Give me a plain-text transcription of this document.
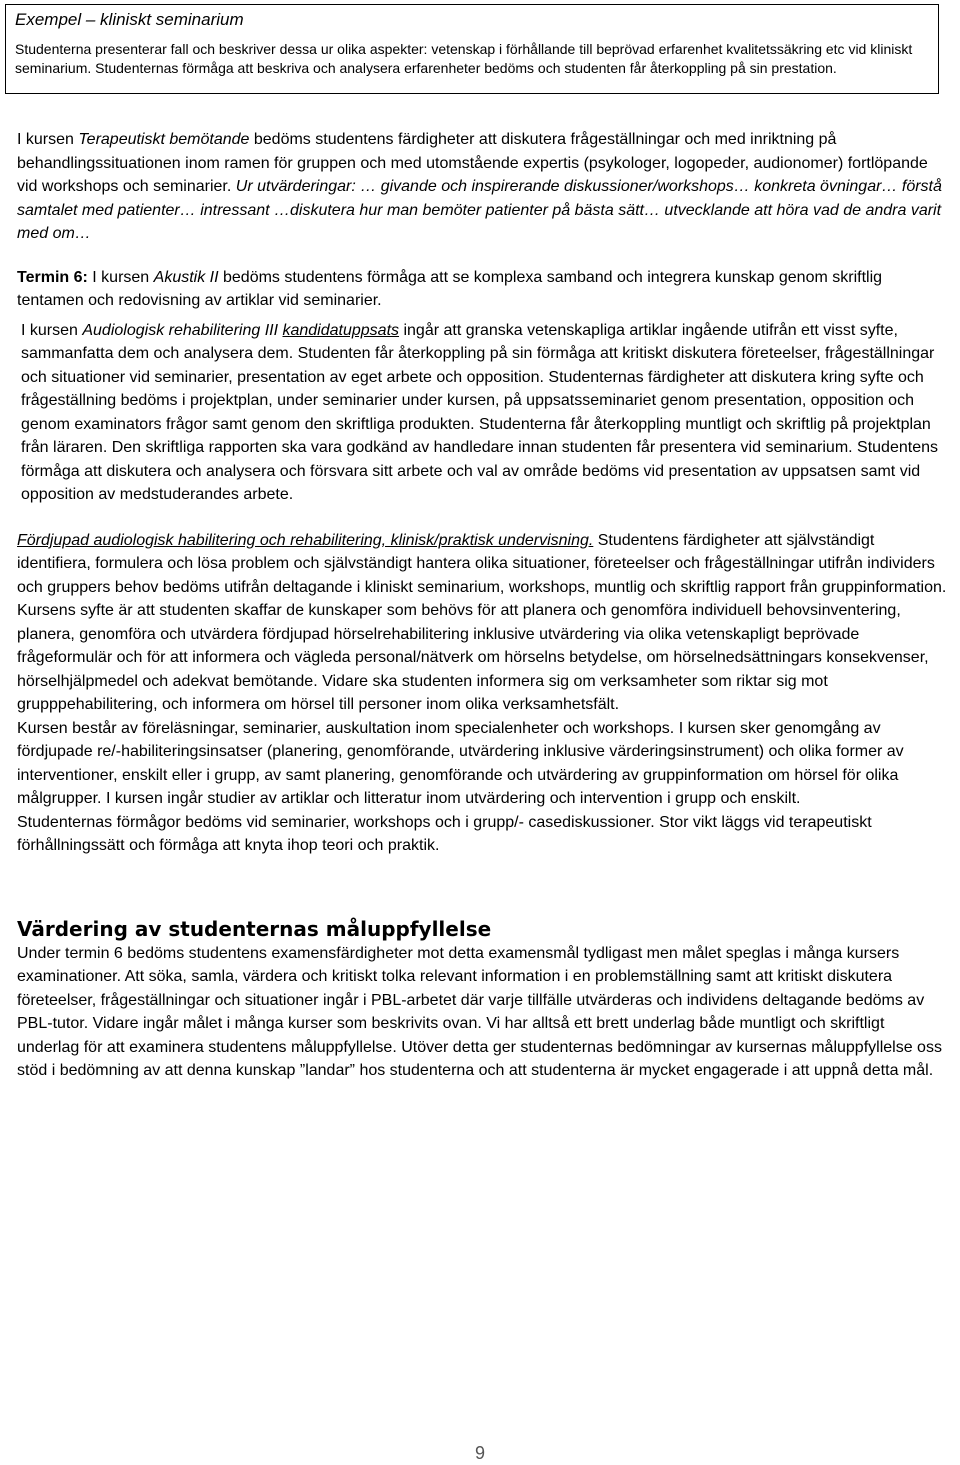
Exempel – kliniskt seminarium

Studenterna presenterar fall och beskriver dessa ur olika aspekter: vetenskap i förhållande till beprövad erfarenhet kvalitetssäkring etc vid kliniskt seminarium. Studenternas förmåga att beskriva och analysera erfarenheter bedöms och studenten får återkoppling på sin prestation.

I kursen Terapeutiskt bemötande bedöms studentens färdigheter att diskutera frågeställningar och med inriktning på behandlingssituationen inom ramen för gruppen och med utomstående expertis (psykologer, logopeder, audionomer) fortlöpande vid workshops och seminarier. Ur utvärderingar: … givande och inspirerande diskussioner/workshops… konkreta övningar… förstå samtalet med patienter… intressant …diskutera hur man bemöter patienter på bästa sätt… utvecklande att höra vad de andra varit med om…

Termin 6: I kursen Akustik II bedöms studentens förmåga att se komplexa samband och integrera kunskap genom skriftlig tentamen och redovisning av artiklar vid seminarier.

I kursen Audiologisk rehabilitering III kandidatuppsats ingår att granska vetenskapliga artiklar ingående utifrån ett visst syfte, sammanfatta dem och analysera dem. Studenten får återkoppling på sin förmåga att kritiskt diskutera företeelser, frågeställningar och situationer vid seminarier, presentation av eget arbete och opposition. Studenternas färdigheter att diskutera kring syfte och frågeställning bedöms i projektplan, under seminarier under kursen, på uppsatsseminariet genom presentation, opposition och genom examinators frågor samt genom den skriftliga produkten. Studenterna får återkoppling muntligt och skriftlig på projektplan från läraren. Den skriftliga rapporten ska vara godkänd av handledare innan studenten får presentera vid seminarium. Studentens förmåga att diskutera och analysera och försvara sitt arbete och val av område bedöms vid presentation av uppsatsen samt vid opposition av medstuderandes arbete.

Fördjupad audiologisk habilitering och rehabilitering, klinisk/praktisk undervisning. Studentens färdigheter att självständigt identifiera, formulera och lösa problem och självständigt hantera olika situationer, företeelser och frågeställningar utifrån individers och gruppers behov bedöms utifrån deltagande i kliniskt seminarium, workshops, muntlig och skriftlig rapport från gruppinformation. Kursens syfte är att studenten skaffar de kunskaper som behövs för att planera och genomföra individuell behovsinventering, planera, genomföra och utvärdera fördjupad hörselrehabilitering inklusive utvärdering via olika vetenskapligt beprövade frågeformulär och för att informera och vägleda personal/nätverk om hörselns betydelse, om hörselnedsättningars konsekvenser, hörselhjälpmedel och adekvat bemötande. Vidare ska studenten informera sig om verksamheter som riktar sig mot gruppрehabilitering, och informera om hörsel till personer inom olika verksamhetsfält.

Kursen består av föreläsningar, seminarier, auskultation inom specialenheter och workshops. I kursen sker genomgång av fördjupade re/-habiliteringsinsatser (planering, genomförande, utvärdering inklusive värderingsinstrument) och olika former av interventioner, enskilt eller i grupp, av samt planering, genomförande och utvärdering av gruppinformation om hörsel för olika målgrupper. I kursen ingår studier av artiklar och litteratur inom utvärdering och intervention i grupp och enskilt.

Studenternas förmågor bedöms vid seminarier, workshops och i grupp/- casediskussioner. Stor vikt läggs vid terapeutiskt förhållningssätt och förmåga att knyta ihop teori och praktik.

Värdering av studenternas måluppfyllelse

Under termin 6 bedöms studentens examensfärdigheter mot detta examensmål tydligast men målet speglas i många kursers examinationer. Att söka, samla, värdera och kritiskt tolka relevant information i en problemställning samt att kritiskt diskutera företeelser, frågeställningar och situationer ingår i PBL-arbetet där varje tillfälle utvärderas och individens deltagande bedöms av PBL-tutor. Vidare ingår målet i många kurser som beskrivits ovan. Vi har alltså ett brett underlag både muntligt och skriftligt underlag för att examinera studentens måluppfyllelse. Utöver detta ger studenternas bedömningar av kursernas måluppfyllelse oss stöd i bedömning av att denna kunskap ”landar” hos studenterna och att studenterna är mycket engagerade i att uppnå detta mål.

9
